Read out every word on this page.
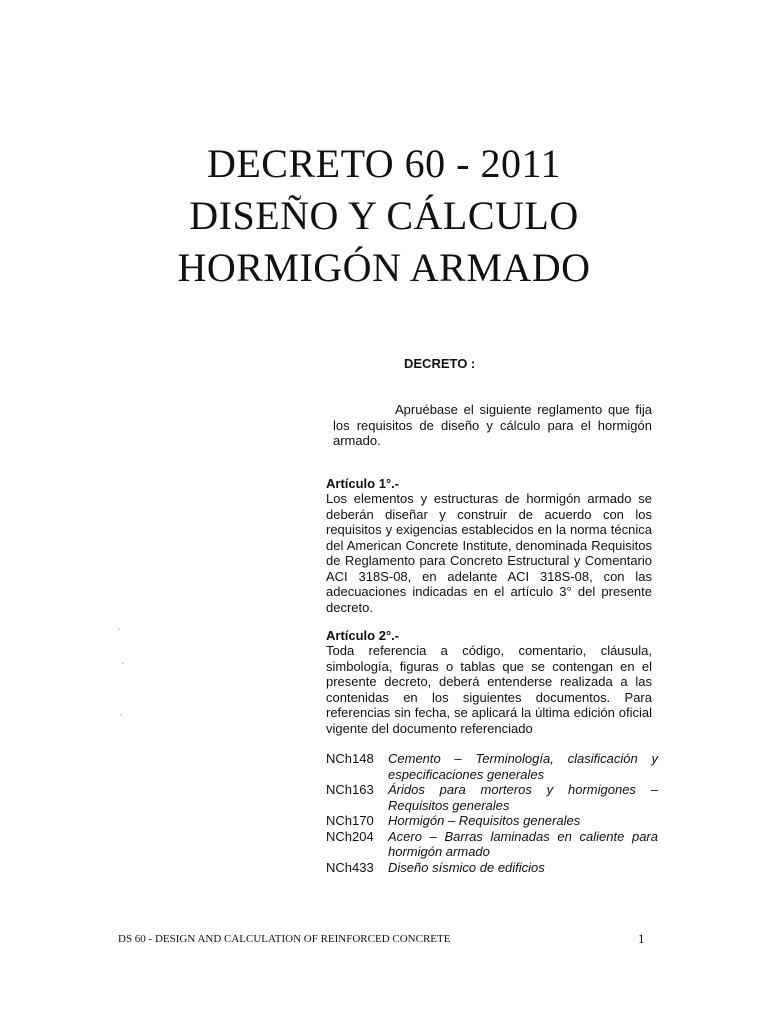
DECRETO 60 - 2011
DISEÑO Y CÁLCULO
HORMIGÓN ARMADO
DECRETO :
Apruébase el siguiente reglamento que fija los requisitos de diseño y cálculo para el hormigón armado.
Artículo 1°.-
Los elementos y estructuras de hormigón armado se deberán diseñar y construir de acuerdo con los requisitos y exigencias establecidos en la norma técnica del American Concrete Institute, denominada Requisitos de Reglamento para Concreto Estructural y Comentario ACI 318S-08, en adelante ACI 318S-08, con las adecuaciones indicadas en el artículo 3° del presente decreto.
Artículo 2°.-
Toda referencia a código, comentario, cláusula, simbología, figuras o tablas que se contengan en el presente decreto, deberá entenderse realizada a las contenidas en los siguientes documentos. Para referencias sin fecha, se aplicará la última edición oficial vigente del documento referenciado
NCh148	Cemento – Terminología, clasificación y especificaciones generales
NCh163	Áridos para morteros y hormigones – Requisitos generales
NCh170	Hormigón – Requisitos generales
NCh204	Acero – Barras laminadas en caliente para hormigón armado
NCh433	Diseño sísmico de edificios
DS 60 - DESIGN AND CALCULATION OF REINFORCED CONCRETE	1
